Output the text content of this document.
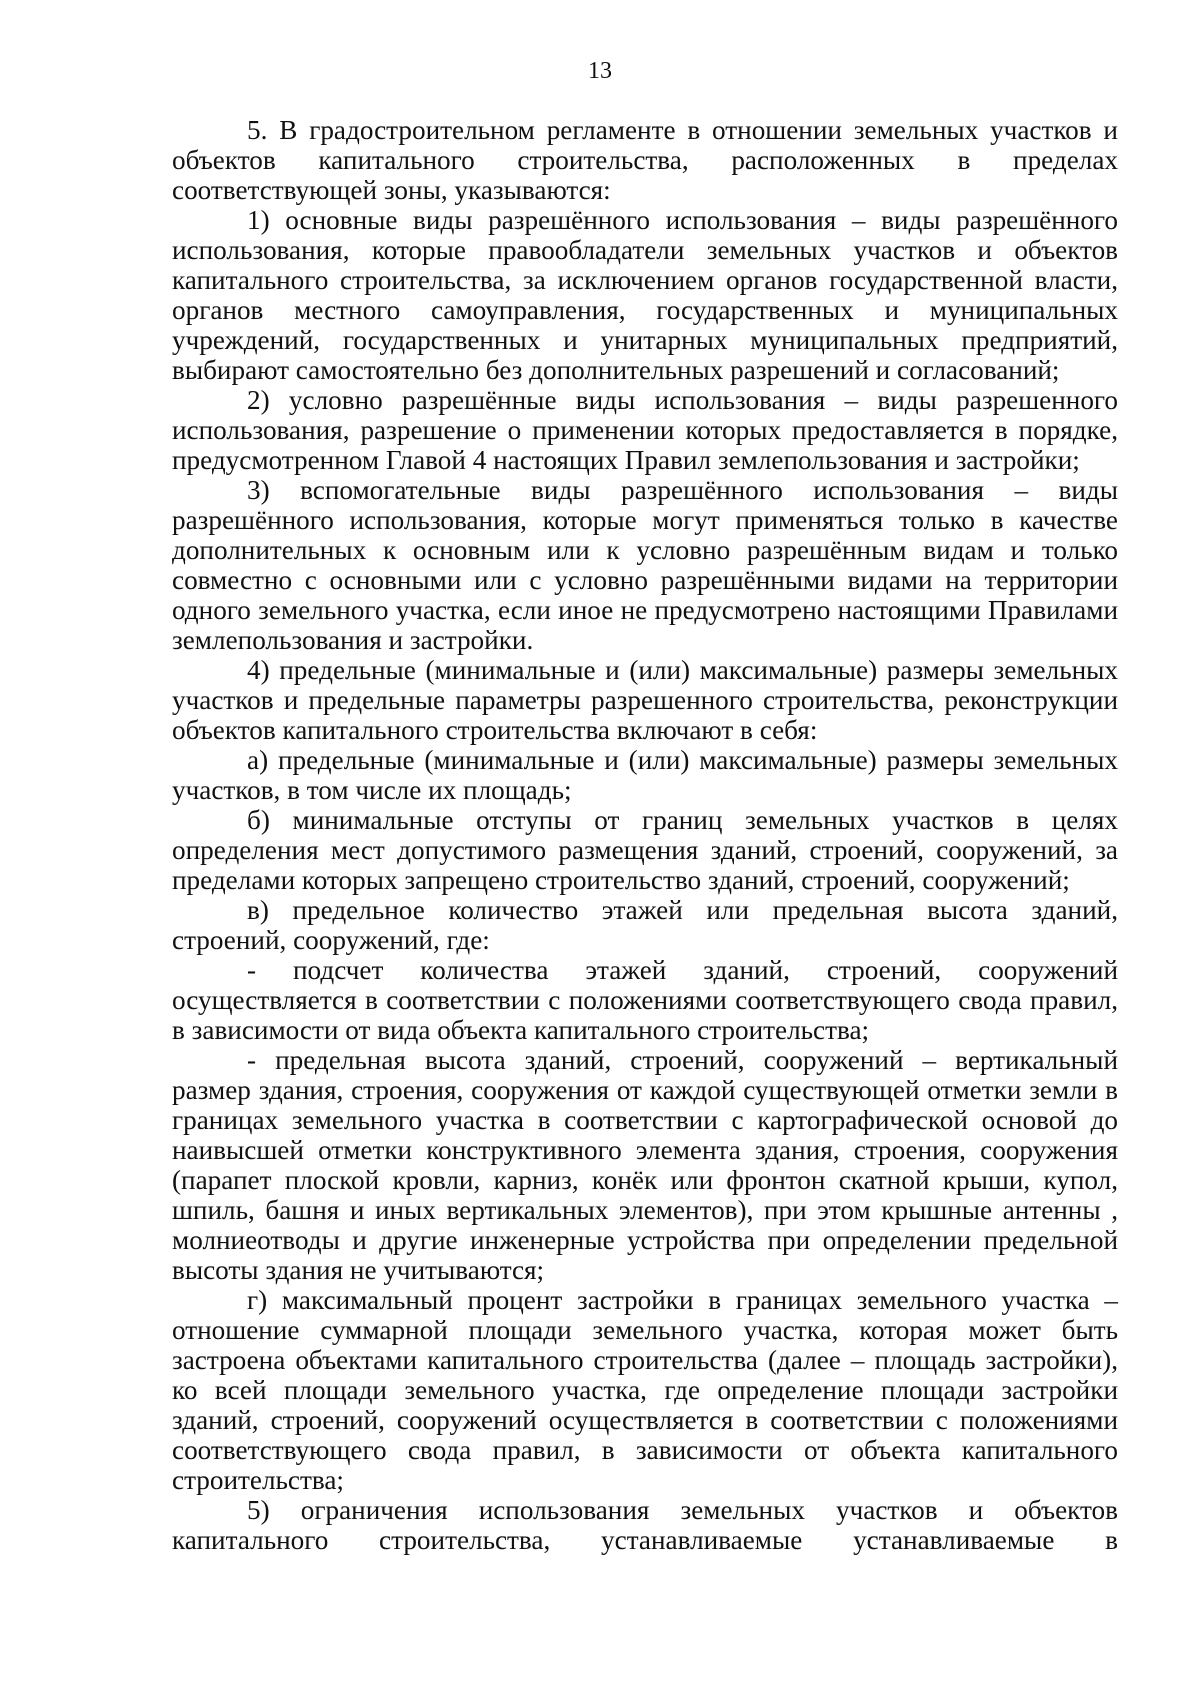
13

5. В градостроительном регламенте в отношении земельных участков и объектов капитального строительства, расположенных в пределах соответствующей зоны, указываются:

1) основные виды разрешённого использования – виды разрешённого использования, которые правообладатели земельных участков и объектов капитального строительства, за исключением органов государственной власти, органов местного самоуправления, государственных и муниципальных учреждений, государственных и унитарных муниципальных предприятий, выбирают самостоятельно без дополнительных разрешений и согласований;

2) условно разрешённые виды использования – виды разрешенного использования, разрешение о применении которых предоставляется в порядке, предусмотренном Главой 4 настоящих Правил землепользования и застройки;

3) вспомогательные виды разрешённого использования – виды разрешённого использования, которые могут применяться только в качестве дополнительных к основным или к условно разрешённым видам и только совместно с основными или с условно разрешёнными видами на территории одного земельного участка, если иное не предусмотрено настоящими Правилами землепользования и застройки.

4) предельные (минимальные и (или) максимальные) размеры земельных участков и предельные параметры разрешенного строительства, реконструкции объектов капитального строительства включают в себя:

а) предельные (минимальные и (или) максимальные) размеры земельных участков, в том числе их площадь;

б) минимальные отступы от границ земельных участков в целях определения мест допустимого размещения зданий, строений, сооружений, за пределами которых запрещено строительство зданий, строений, сооружений;

в) предельное количество этажей или предельная высота зданий, строений, сооружений, где:

- подсчет количества этажей зданий, строений, сооружений осуществляется в соответствии с положениями соответствующего свода правил, в зависимости от вида объекта капитального строительства;

- предельная высота зданий, строений, сооружений – вертикальный размер здания, строения, сооружения от каждой существующей отметки земли в границах земельного участка в соответствии с картографической основой до наивысшей отметки конструктивного элемента здания, строения, сооружения (парапет плоской кровли, карниз, конёк или фронтон скатной крыши, купол, шпиль, башня и иных вертикальных элементов), при этом крышные антенны , молниеотводы и другие инженерные устройства при определении предельной высоты здания не учитываются;

г) максимальный процент застройки в границах земельного участка – отношение суммарной площади земельного участка, которая может быть застроена объектами капитального строительства (далее – площадь застройки), ко всей площади земельного участка, где определение площади застройки зданий, строений, сооружений осуществляется в соответствии с положениями соответствующего свода правил, в зависимости от объекта капитального строительства;

5) ограничения использования земельных участков и объектов капитального строительства, устанавливаемые устанавливаемые в
